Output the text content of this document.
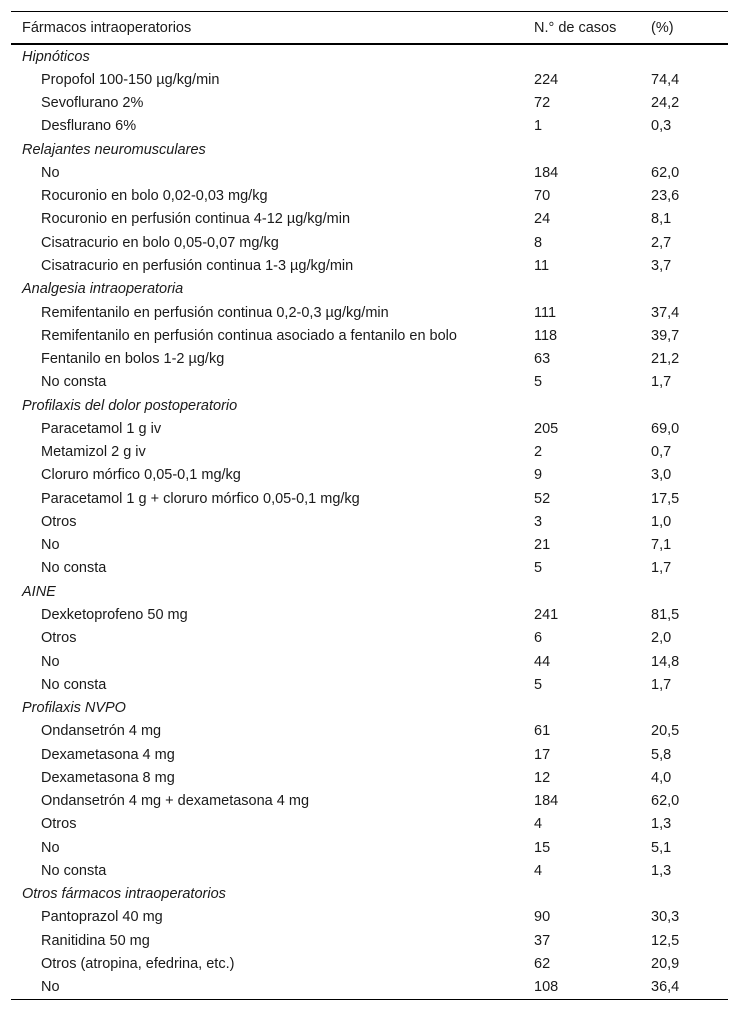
Fármacos intraoperatorios	N.° de casos	(%)
Hipnóticos		
Propofol 100-150 µg/kg/min	224	74,4
Sevoflurano 2%	72	24,2
Desflurano 6%	1	0,3
Relajantes neuromusculares		
No	184	62,0
Rocuronio en bolo 0,02-0,03 mg/kg	70	23,6
Rocuronio en perfusión continua 4-12 µg/kg/min	24	8,1
Cisatracurio en bolo 0,05-0,07 mg/kg	8	2,7
Cisatracurio en perfusión continua 1-3 µg/kg/min	11	3,7
Analgesia intraoperatoria		
Remifentanilo en perfusión continua 0,2-0,3 µg/kg/min	111	37,4
Remifentanilo en perfusión continua asociado a fentanilo en bolo	118	39,7
Fentanilo en bolos 1-2 µg/kg	63	21,2
No consta	5	1,7
Profilaxis del dolor postoperatorio		
Paracetamol 1 g iv	205	69,0
Metamizol 2 g iv	2	0,7
Cloruro mórfico 0,05-0,1 mg/kg	9	3,0
Paracetamol 1 g + cloruro mórfico 0,05-0,1 mg/kg	52	17,5
Otros	3	1,0
No	21	7,1
No consta	5	1,7
AINE		
Dexketoprofeno 50 mg	241	81,5
Otros	6	2,0
No	44	14,8
No consta	5	1,7
Profilaxis NVPO		
Ondansetrón 4 mg	61	20,5
Dexametasona 4 mg	17	5,8
Dexametasona 8 mg	12	4,0
Ondansetrón 4 mg + dexametasona 4 mg	184	62,0
Otros	4	1,3
No	15	5,1
No consta	4	1,3
Otros fármacos intraoperatorios		
Pantoprazol 40 mg	90	30,3
Ranitidina 50 mg	37	12,5
Otros (atropina, efedrina, etc.)	62	20,9
No	108	36,4
